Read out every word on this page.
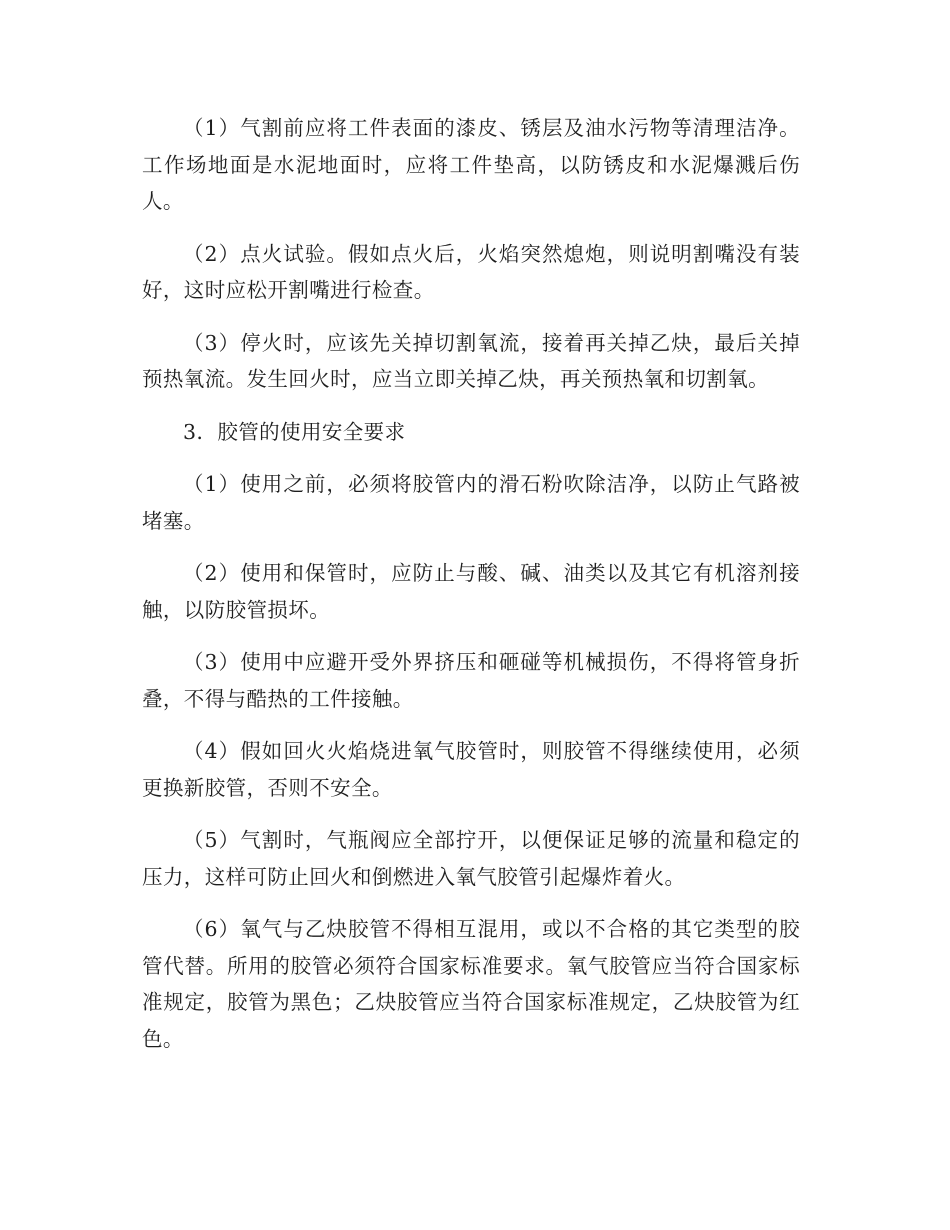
（1）气割前应将工件表面的漆皮、锈层及油水污物等清理洁净。工作场地面是水泥地面时，应将工件垫高，以防锈皮和水泥爆溅后伤人。

（2）点火试验。假如点火后，火焰突然熄炮，则说明割嘴没有装好，这时应松开割嘴进行检查。

（3）停火时，应该先关掉切割氧流，接着再关掉乙炔，最后关掉预热氧流。发生回火时，应当立即关掉乙炔，再关预热氧和切割氧。

3．胶管的使用安全要求

（1）使用之前，必须将胶管内的滑石粉吹除洁净，以防止气路被堵塞。

（2）使用和保管时，应防止与酸、碱、油类以及其它有机溶剂接触，以防胶管损坏。

（3）使用中应避开受外界挤压和砸碰等机械损伤，不得将管身折叠，不得与酷热的工件接触。

（4）假如回火火焰烧进氧气胶管时，则胶管不得继续使用，必须更换新胶管，否则不安全。

（5）气割时，气瓶阀应全部拧开，以便保证足够的流量和稳定的压力，这样可防止回火和倒燃进入氧气胶管引起爆炸着火。

（6）氧气与乙炔胶管不得相互混用，或以不合格的其它类型的胶管代替。所用的胶管必须符合国家标准要求。氧气胶管应当符合国家标准规定，胶管为黑色；乙炔胶管应当符合国家标准规定，乙炔胶管为红色。
